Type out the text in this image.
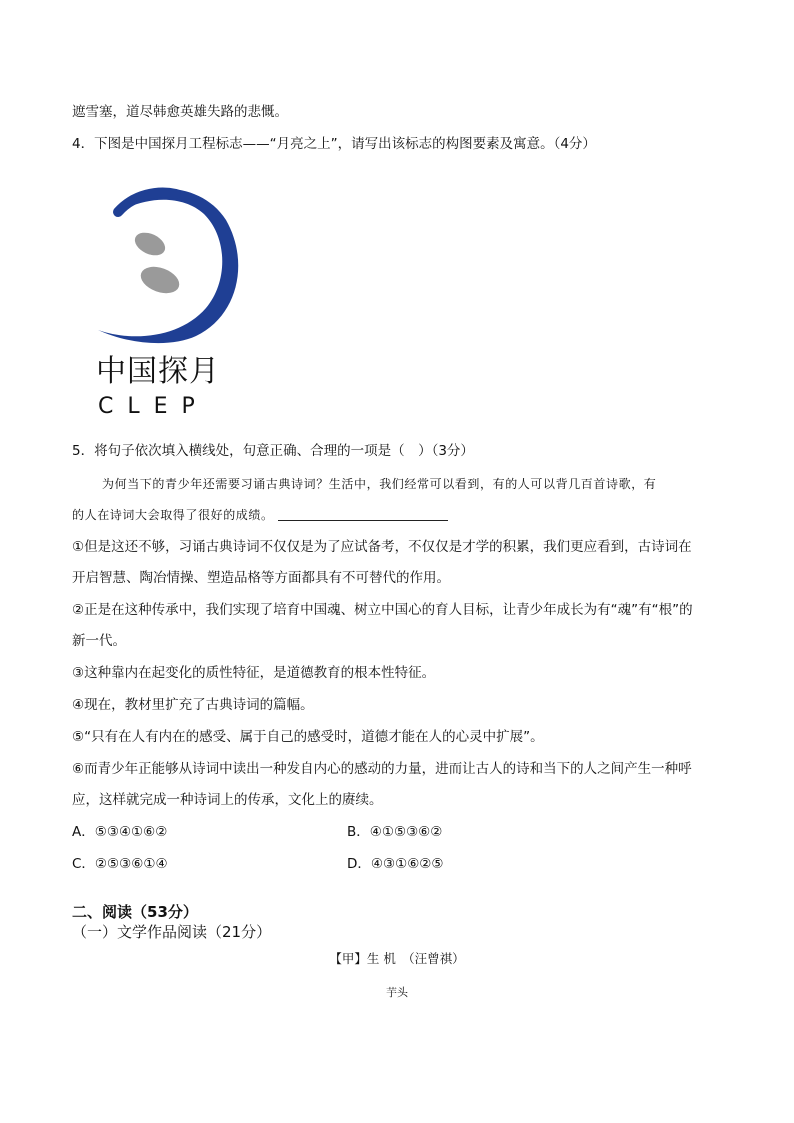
遮雪塞，道尽韩愈英雄失路的悲慨。
4．下图是中国探月工程标志——“月亮之上”，请写出该标志的构图要素及寓意。（4分）
中国探月
CLEP
5．将句子依次填入横线处，句意正确、合理的一项是（　）（3分）
为何当下的青少年还需要习诵古典诗词？生活中，我们经常可以看到，有的人可以背几百首诗歌，有
的人在诗词大会取得了很好的成绩。
①但是这还不够，习诵古典诗词不仅仅是为了应试备考，不仅仅是才学的积累，我们更应看到，古诗词在
开启智慧、陶冶情操、塑造品格等方面都具有不可替代的作用。
②正是在这种传承中，我们实现了培育中国魂、树立中国心的育人目标，让青少年成长为有“魂”有“根”的
新一代。
③这种靠内在起变化的质性特征，是道德教育的根本性特征。
④现在，教材里扩充了古典诗词的篇幅。
⑤“只有在人有内在的感受、属于自己的感受时，道德才能在人的心灵中扩展”。
⑥而青少年正能够从诗词中读出一种发自内心的感动的力量，进而让古人的诗和当下的人之间产生一种呼
应，这样就完成一种诗词上的传承，文化上的赓续。
A．⑤③④①⑥②	B．④①⑤③⑥②
C．②⑤③⑥①④	D．④③①⑥②⑤
二、阅读（53分）
（一）文学作品阅读（21分）
【甲】生 机　（汪曾祺）
芋头
